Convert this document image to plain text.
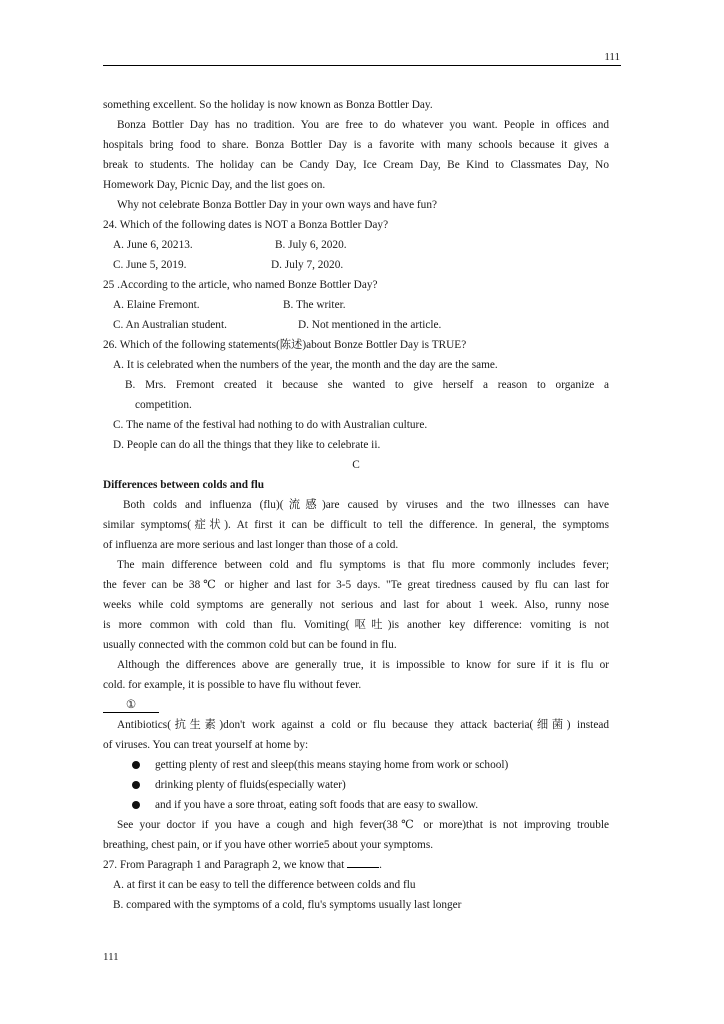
111
something excellent. So the holiday is now known as Bonza Bottler Day.
Bonza Bottler Day has no tradition. You are free to do whatever you want. People in offices and
hospitals bring food to share. Bonza Bottler Day is a favorite with many schools because it gives a
break to students. The holiday can be Candy Day, Ice Cream Day, Be Kind to Classmates Day, No
Homework Day, Picnic Day, and the list goes on.
Why not celebrate Bonza Bottler Day in your own ways and have fun?
24. Which of the following dates is NOT a Bonza Bottler Day?
A. June 6, 20213.	B. July 6, 2020.
C. June 5, 2019.	D. July 7, 2020.
25 .According to the article, who named Bonze Bottler Day?
A. Elaine Fremont.	B. The writer.
C. An Australian student.	D. Not mentioned in the article.
26. Which of the following statements(陈述)about Bonze Bottler Day is TRUE?
A. It is celebrated when the numbers of the year, the month and the day are the same.
B. Mrs. Fremont created it because she wanted to give herself a reason to organize a
competition.
C. The name of the festival had nothing to do with Australian culture.
D. People can do all the things that they like to celebrate ii.
C
Differences between colds and flu
Both colds and influenza (flu)(流感)are caused by viruses and the two illnesses can have
similar symptoms(症状). At first it can be difficult to tell the difference. In general, the symptoms
of influenza are more serious and last longer than those of a cold.
The main difference between cold and flu symptoms is that flu more commonly includes fever;
the fever can be 38℃ or higher and last for 3-5 days. "Te great tiredness caused by flu can last for
weeks while cold symptoms are generally not serious and last for about 1 week. Also, runny nose
is more common with cold than flu. Vomiting(呕吐)is another key difference: vomiting is not
usually connected with the common cold but can be found in flu.
Although the differences above are generally true, it is impossible to know for sure if it is flu or
cold. for example, it is possible to have flu without fever.
①
Antibiotics(抗生素)don't work against a cold or flu because they attack bacteria(细菌) instead
of viruses. You can treat yourself at home by:
getting plenty of rest and sleep(this means staying home from work or school)
drinking plenty of fluids(especially water)
and if you have a sore throat, eating soft foods that are easy to swallow.
See your doctor if you have a cough and high fever(38℃ or more)that is not improving trouble
breathing, chest pain, or if you have other worrie5 about your symptoms.
27. From Paragraph 1 and Paragraph 2, we know that	.
A. at first it can be easy to tell the difference between colds and flu
B. compared with the symptoms of a cold, flu's symptoms usually last longer
111
